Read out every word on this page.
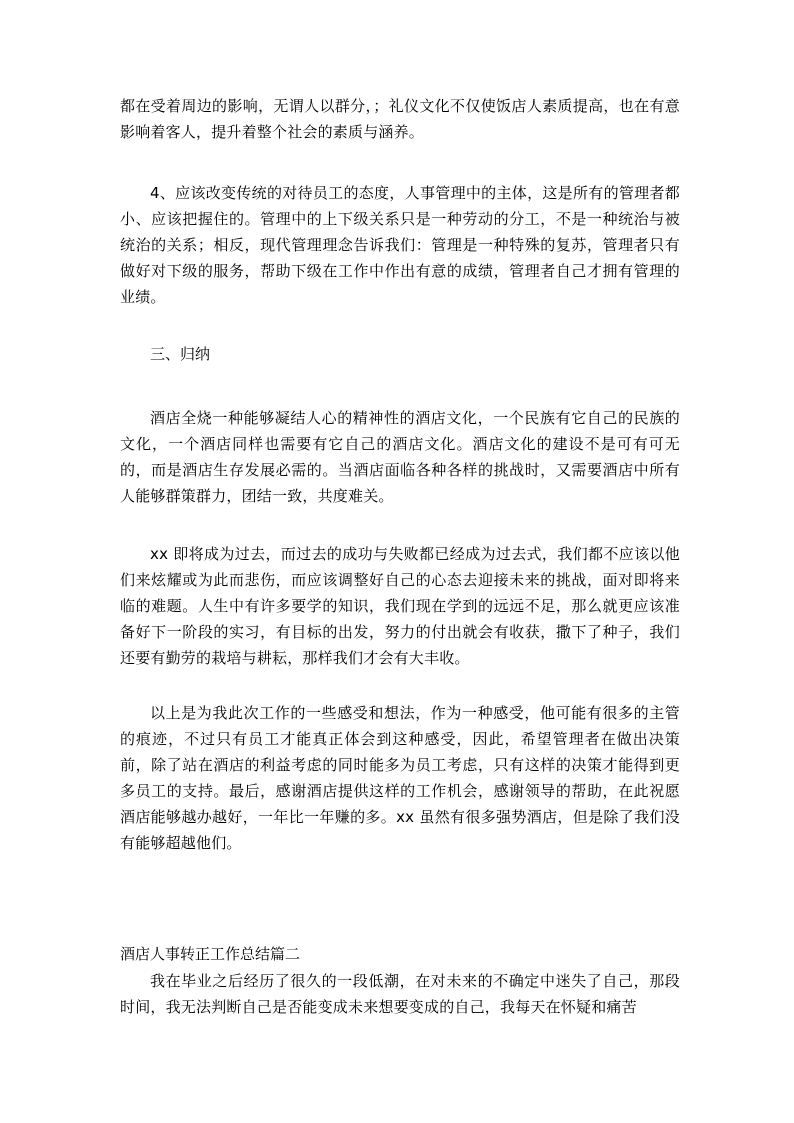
都在受着周边的影响，无谓人以群分，；礼仪文化不仅使饭店人素质提高，也在有意影响着客人，提升着整个社会的素质与涵养。

4、应该改变传统的对待员工的态度，人事管理中的主体，这是所有的管理者都小、应该把握住的。管理中的上下级关系只是一种劳动的分工，不是一种统治与被统治的关系；相反，现代管理理念告诉我们：管理是一种特殊的复苏，管理者只有做好对下级的服务，帮助下级在工作中作出有意的成绩，管理者自己才拥有管理的业绩。

三、归纳

酒店全烧一种能够凝结人心的精神性的酒店文化，一个民族有它自己的民族的文化，一个酒店同样也需要有它自己的酒店文化。酒店文化的建设不是可有可无的，而是酒店生存发展必需的。当酒店面临各种各样的挑战时，又需要酒店中所有人能够群策群力，团结一致，共度难关。

xx 即将成为过去，而过去的成功与失败都已经成为过去式，我们都不应该以他们来炫耀或为此而悲伤，而应该调整好自己的心态去迎接未来的挑战，面对即将来临的难题。人生中有许多要学的知识，我们现在学到的远远不足，那么就更应该准备好下一阶段的实习，有目标的出发，努力的付出就会有收获，撒下了种子，我们还要有勤劳的栽培与耕耘，那样我们才会有大丰收。

以上是为我此次工作的一些感受和想法，作为一种感受，他可能有很多的主管的痕迹，不过只有员工才能真正体会到这种感受，因此，希望管理者在做出决策前，除了站在酒店的利益考虑的同时能多为员工考虑，只有这样的决策才能得到更多员工的支持。最后，感谢酒店提供这样的工作机会，感谢领导的帮助，在此祝愿酒店能够越办越好，一年比一年赚的多。xx 虽然有很多强势酒店，但是除了我们没有能够超越他们。

酒店人事转正工作总结篇二

我在毕业之后经历了很久的一段低潮，在对未来的不确定中迷失了自己，那段时间，我无法判断自己是否能变成未来想要变成的自己，我每天在怀疑和痛苦
